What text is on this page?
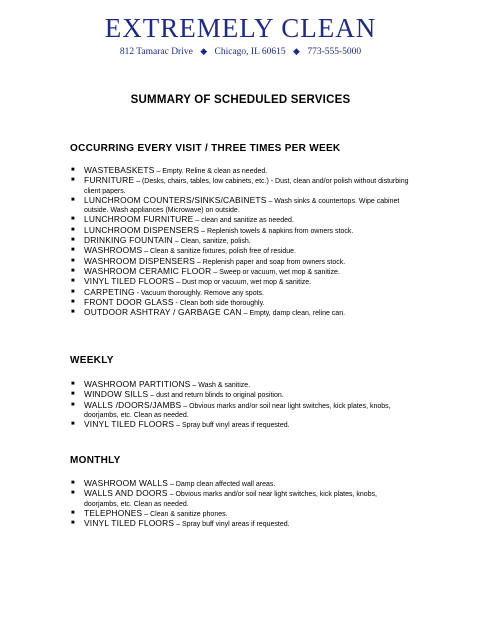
EXTREMELY CLEAN
812 Tamarac Drive ◆ Chicago, IL 60615 ◆ 773-555-5000
SUMMARY OF SCHEDULED SERVICES
OCCURRING EVERY VISIT / THREE TIMES PER WEEK
■ WASTEBASKETS – Empty. Reline & clean as needed.
■ FURNITURE – (Desks, chairs, tables, low cabinets, etc.) - Dust, clean and/or polish without disturbing client papers.
■ LUNCHROOM COUNTERS/SINKS/CABINETS – Wash sinks & countertops. Wipe cabinet outside. Wash appliances (Microwave) on outside.
■ LUNCHROOM FURNITURE – clean and sanitize as needed.
■ LUNCHROOM DISPENSERS – Replenish towels & napkins from owners stock.
■ DRINKING FOUNTAIN – Clean, sanitize, polish.
■ WASHROOMS – Clean & sanitize fixtures, polish free of residue.
■ WASHROOM DISPENSERS – Replenish paper and soap from owners stock.
■ WASHROOM CERAMIC FLOOR – Sweep or vacuum, wet mop & sanitize.
■ VINYL TILED FLOORS – Dust mop or vacuum, wet mop & sanitize.
■ CARPETING - Vacuum thoroughly. Remove any spots.
■ FRONT DOOR GLASS - Clean both side thoroughly.
■ OUTDOOR ASHTRAY / GARBAGE CAN – Empty, damp clean, reline can.
WEEKLY
■ WASHROOM PARTITIONS – Wash & sanitize.
■ WINDOW SILLS – dust and return blinds to original position.
■ WALLS /DOORS/JAMBS – Obvious marks and/or soil near light switches, kick plates, knobs, doorjambs, etc. Clean as needed.
■ VINYL TILED FLOORS – Spray buff vinyl areas if requested.
MONTHLY
■ WASHROOM WALLS – Damp clean affected wall areas.
■ WALLS AND DOORS – Obvious marks and/or soil near light switches, kick plates, knobs, doorjambs, etc. Clean as needed.
■ TELEPHONES – Clean & sanitize phones.
■ VINYL TILED FLOORS – Spray buff vinyl areas if requested.
